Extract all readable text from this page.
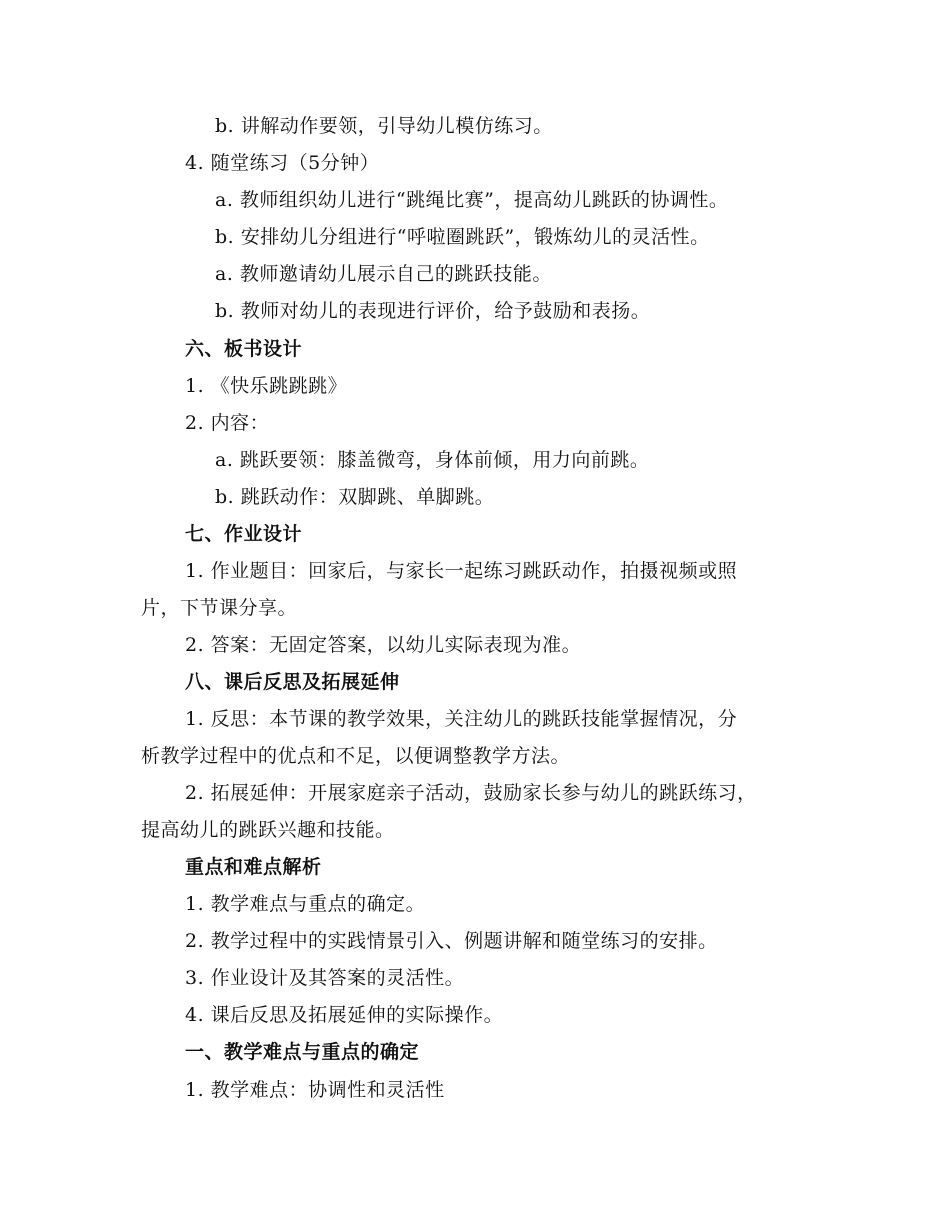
b. 讲解动作要领，引导幼儿模仿练习。
4. 随堂练习（5分钟）
a. 教师组织幼儿进行“跳绳比赛”，提高幼儿跳跃的协调性。
b. 安排幼儿分组进行“呼啦圈跳跃”，锻炼幼儿的灵活性。
a. 教师邀请幼儿展示自己的跳跃技能。
b. 教师对幼儿的表现进行评价，给予鼓励和表扬。
六、板书设计
1. 《快乐跳跳跳》
2. 内容：
a. 跳跃要领：膝盖微弯，身体前倾，用力向前跳。
b. 跳跃动作：双脚跳、单脚跳。
七、作业设计
1. 作业题目：回家后，与家长一起练习跳跃动作，拍摄视频或照
片，下节课分享。
2. 答案：无固定答案，以幼儿实际表现为准。
八、课后反思及拓展延伸
1. 反思：本节课的教学效果，关注幼儿的跳跃技能掌握情况，分
析教学过程中的优点和不足，以便调整教学方法。
2. 拓展延伸：开展家庭亲子活动，鼓励家长参与幼儿的跳跃练习，
提高幼儿的跳跃兴趣和技能。
重点和难点解析
1. 教学难点与重点的确定。
2. 教学过程中的实践情景引入、例题讲解和随堂练习的安排。
3. 作业设计及其答案的灵活性。
4. 课后反思及拓展延伸的实际操作。
一、教学难点与重点的确定
1. 教学难点：协调性和灵活性
